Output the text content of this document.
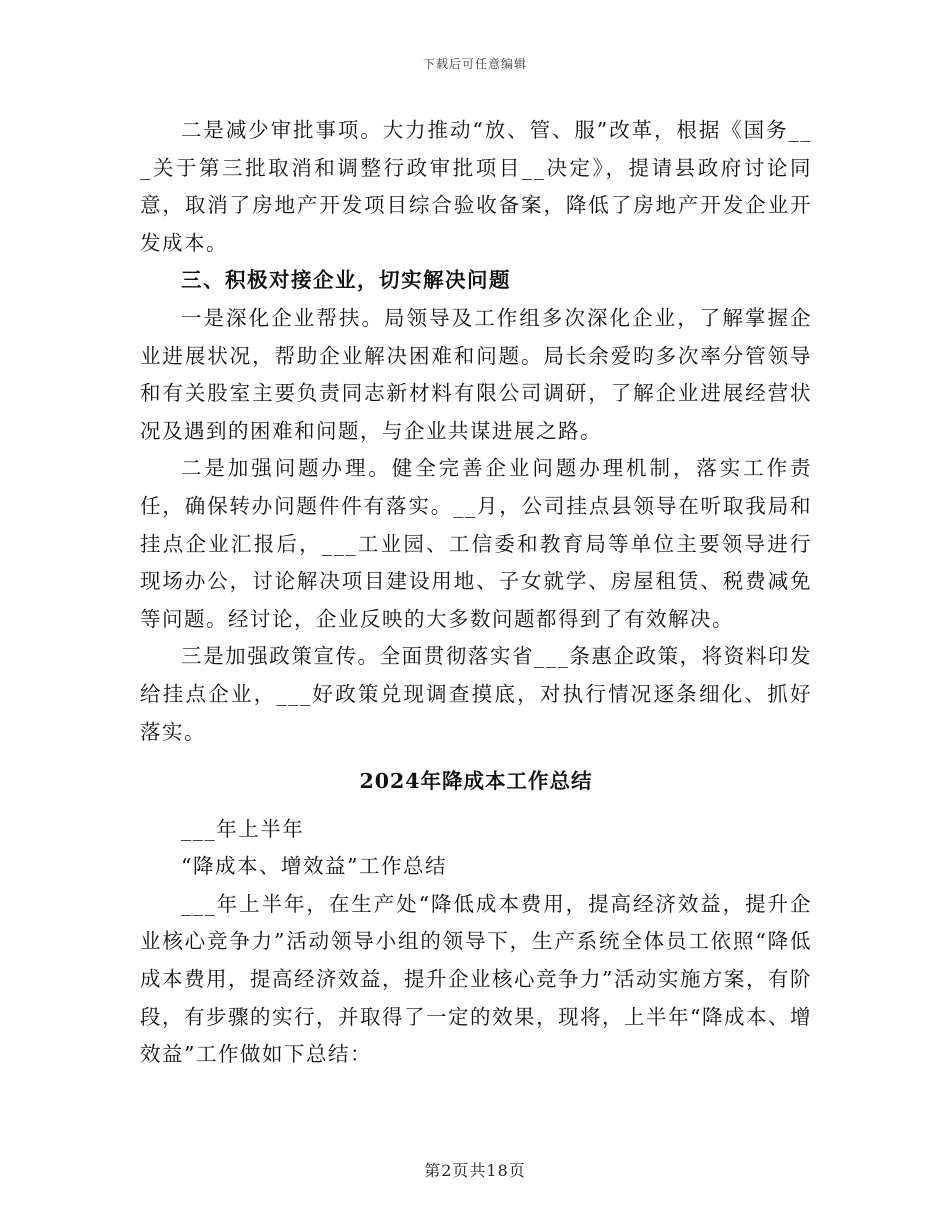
下载后可任意编辑

二是减少审批事项。大力推动“放、管、服”改革，根据《国务___关于第三批取消和调整行政审批项目__决定》，提请县政府讨论同意，取消了房地产开发项目综合验收备案，降低了房地产开发企业开发成本。

三、积极对接企业，切实解决问题

一是深化企业帮扶。局领导及工作组多次深化企业，了解掌握企业进展状况，帮助企业解决困难和问题。局长余爱昀多次率分管领导和有关股室主要负责同志新材料有限公司调研，了解企业进展经营状况及遇到的困难和问题，与企业共谋进展之路。

二是加强问题办理。健全完善企业问题办理机制，落实工作责任，确保转办问题件件有落实。__月，公司挂点县领导在听取我局和挂点企业汇报后，___工业园、工信委和教育局等单位主要领导进行现场办公，讨论解决项目建设用地、子女就学、房屋租赁、税费减免等问题。经讨论，企业反映的大多数问题都得到了有效解决。

三是加强政策宣传。全面贯彻落实省___条惠企政策，将资料印发给挂点企业，___好政策兑现调查摸底，对执行情况逐条细化、抓好落实。

2024年降成本工作总结

___年上半年

“降成本、增效益”工作总结

___年上半年，在生产处“降低成本费用，提高经济效益，提升企业核心竞争力”活动领导小组的领导下，生产系统全体员工依照“降低成本费用，提高经济效益，提升企业核心竞争力”活动实施方案，有阶段，有步骤的实行，并取得了一定的效果，现将，上半年“降成本、增效益”工作做如下总结：

第2页共18页
